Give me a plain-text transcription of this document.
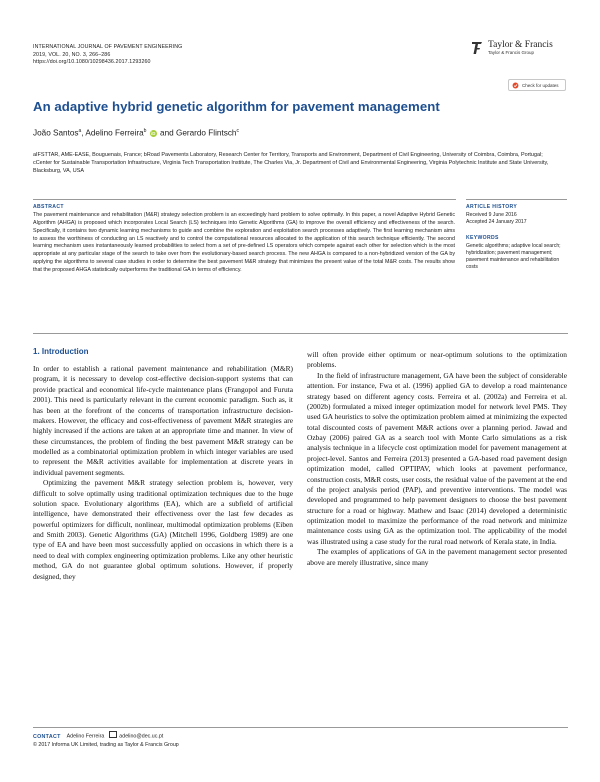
INTERNATIONAL JOURNAL OF PAVEMENT ENGINEERING
2019, VOL. 20, NO. 3, 266–286
https://doi.org/10.1080/10298436.2017.1293260
Taylor & Francis
Taylor & Francis Group
Check for updates
An adaptive hybrid genetic algorithm for pavement management
João Santos$^a$, Adelino Ferreira$^b$ iD and Gerardo Flintsch$^c$
aIFSTTAR, AME-EASE, Bouguenais, France; bRoad Pavements Laboratory, Research Center for Territory, Transports and Environment, Department of Civil Engineering, University of Coimbra, Coimbra, Portugal; cCenter for Sustainable Transportation Infrastructure, Virginia Tech Transportation Institute, The Charles Via, Jr. Department of Civil and Environmental Engineering, Virginia Polytechnic Institute and State University, Blacksburg, VA, USA
ABSTRACT
The pavement maintenance and rehabilitation (M&R) strategy selection problem is an exceedingly hard problem to solve optimally. In this paper, a novel Adaptive Hybrid Genetic Algorithm (AHGA) is proposed which incorporates Local Search (LS) techniques into Genetic Algorithms (GA) to improve the overall efficiency and effectiveness of the search. Specifically, it contains two dynamic learning mechanisms to guide and combine the exploration and exploitation search processes adaptively. The first learning mechanism aims to assess the worthiness of conducting an LS reactively and to control the computational resources allocated to the application of this search technique efficiently. The second learning mechanism uses instantaneously learned probabilities to select from a set of pre-defined LS operators which compete against each other for selection which is the most appropriate at any particular stage of the search to take over from the evolutionary-based search process. The new AHGA is compared to a non-hybridized version of the GA by applying the algorithms to several case studies in order to determine the best pavement M&R strategy that minimizes the present value of the total M&R costs. The results show that the proposed AHGA statistically outperforms the traditional GA in terms of efficiency.
ARTICLE HISTORY

Received 9 June 2016

Accepted 24 January 2017

KEYWORDS

Genetic algorithms; adaptive local search; hybridization; pavement management; pavement maintenance and rehabilitation costs

1. Introduction

In order to establish a rational pavement maintenance and rehabilitation (M&R) program, it is necessary to develop cost-effective decision-support systems that can provide practical and economical life-cycle maintenance plans (Frangopol and Furuta 2001). This need is particularly relevant in the current economic paradigm. Such as, it has been at the forefront of the concerns of transportation infrastructure decision-makers. However, the efficacy and cost-effectiveness of pavement M&R strategies are highly increased if the actions are taken at an appropriate time and manner. In view of these circumstances, the problem of finding the best pavement M&R strategy can be modelled as a combinatorial optimization problem in which integer variables are used to represent the M&R activities available for implementation at discrete years in individual pavement segments.

Optimizing the pavement M&R strategy selection problem is, however, very difficult to solve optimally using traditional optimization techniques due to the huge solution space. Evolutionary algorithms (EA), which are a subfield of artificial intelligence, have demonstrated their effectiveness over the last few decades as powerful optimizers for difficult, nonlinear, multimodal optimization problems (Eiben and Smith 2003). Genetic Algorithms (GA) (Mitchell 1996, Goldberg 1989) are one type of EA and have been most successfully applied on occasions in which there is a need to deal with complex engineering optimization problems. Like any other heuristic method, GA do not guarantee global optimum solutions. However, if properly designed, they

will often provide either optimum or near-optimum solutions to the optimization problems.

In the field of infrastructure management, GA have been the subject of considerable attention. For instance, Fwa et al. (1996) applied GA to develop a road maintenance strategy based on different agency costs. Ferreira et al. (2002a) and Ferreira et al. (2002b) formulated a mixed integer optimization model for network level PMS. They used GA heuristics to solve the optimization problem aimed at minimizing the expected total discounted costs of pavement M&R actions over a planning period. Jawad and Ozbay (2006) paired GA as a search tool with Monte Carlo simulations as a risk analysis technique in a lifecycle cost optimization model for pavement management at project-level. Santos and Ferreira (2013) presented a GA-based road pavement design optimization model, called OPTIPAV, which looks at pavement performance, construction costs, M&R costs, user costs, the residual value of the pavement at the end of the project analysis period (PAP), and preventive interventions. The model was developed and programmed to help pavement designers to choose the best pavement structure for a road or highway. Mathew and Isaac (2014) developed a deterministic optimization model to maximize the performance of the road network and minimize maintenance costs using GA as the optimization tool. The applicability of the model was illustrated using a case study for the rural road network of Kerala state, in India.

The examples of applications of GA in the pavement management sector presented above are merely illustrative, since many

CONTACT Adelino Ferreira	adelino@dec.uc.pt
© 2017 Informa UK Limited, trading as Taylor & Francis Group
